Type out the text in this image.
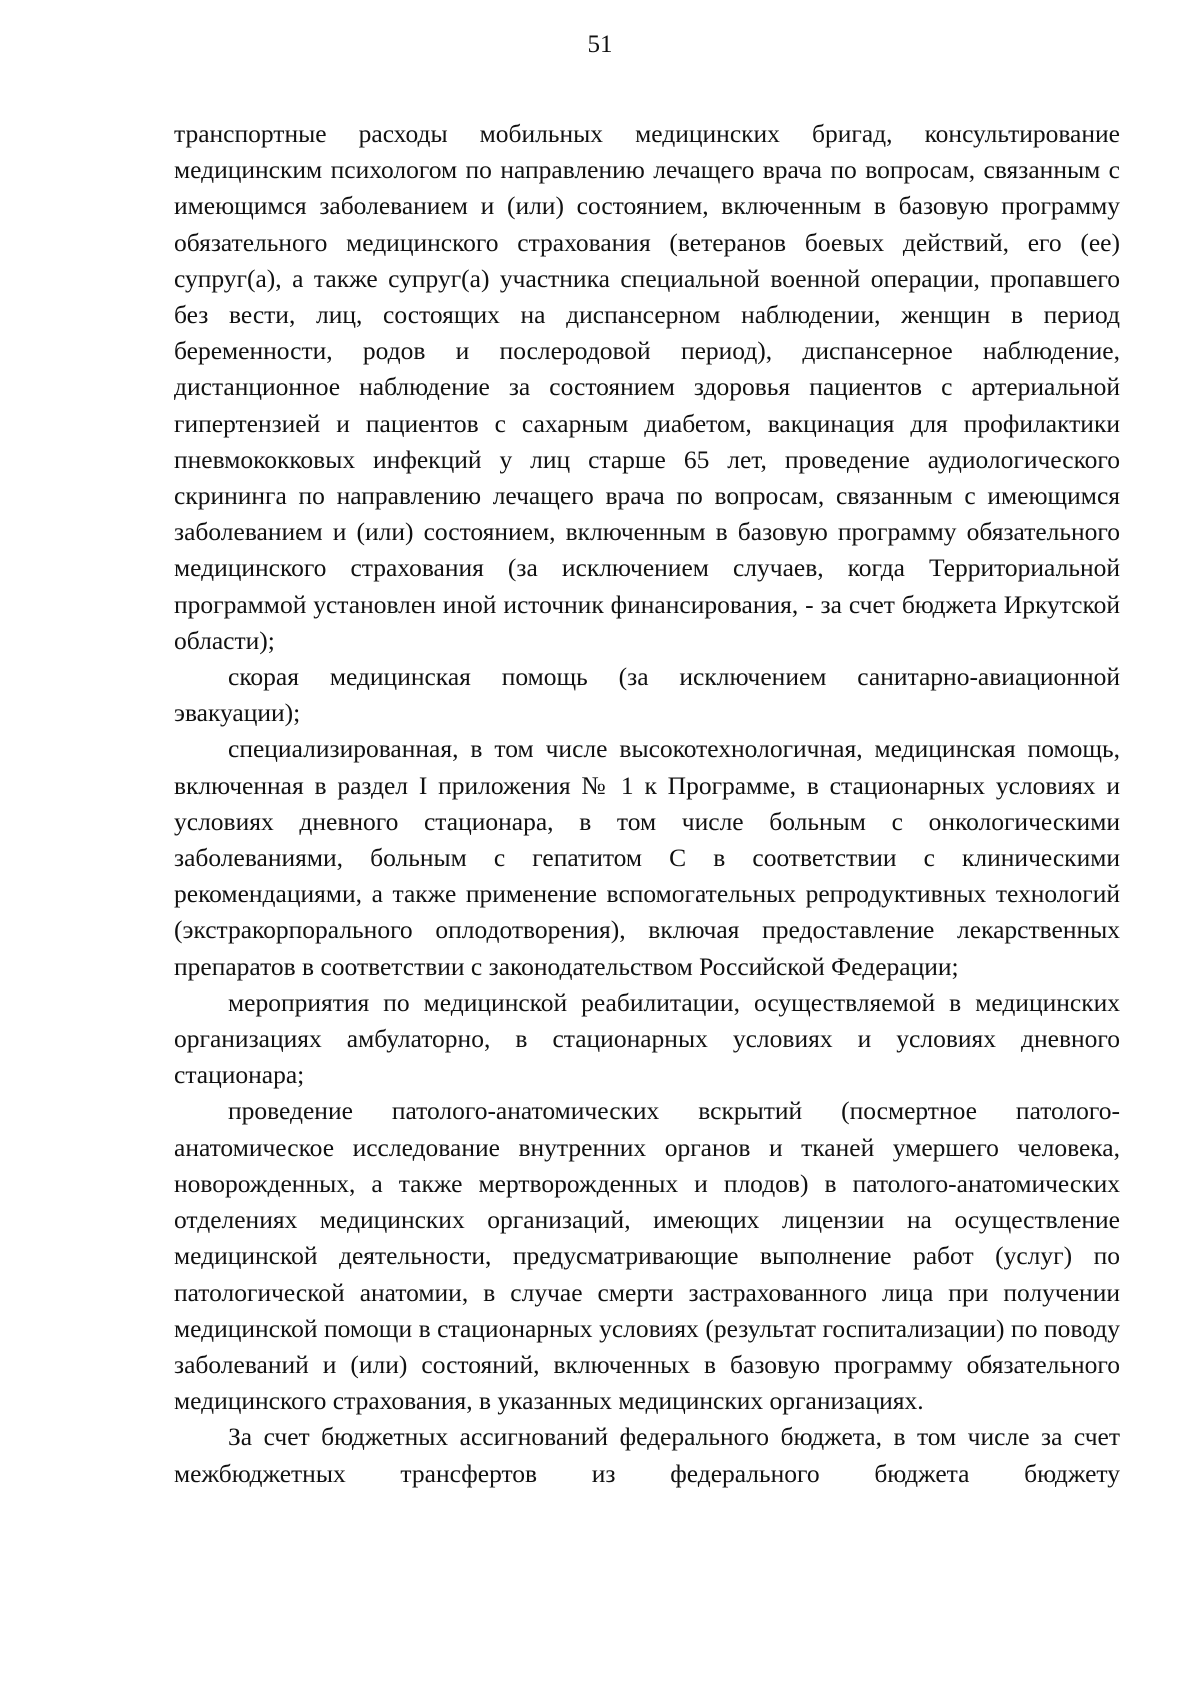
51

транспортные расходы мобильных медицинских бригад, консультирование медицинским психологом по направлению лечащего врача по вопросам, связанным с имеющимся заболеванием и (или) состоянием, включенным в базовую программу обязательного медицинского страхования (ветеранов боевых действий, его (ее) супруг(а), а также супруг(а) участника специальной военной операции, пропавшего без вести, лиц, состоящих на диспансерном наблюдении, женщин в период беременности, родов и послеродовой период), диспансерное наблюдение, дистанционное наблюдение за состоянием здоровья пациентов с артериальной гипертензией и пациентов с сахарным диабетом, вакцинация для профилактики пневмококковых инфекций у лиц старше 65 лет, проведение аудиологического скрининга по направлению лечащего врача по вопросам, связанным с имеющимся заболеванием и (или) состоянием, включенным в базовую программу обязательного медицинского страхования (за исключением случаев, когда Территориальной программой установлен иной источник финансирования, - за счет бюджета Иркутской области);

скорая медицинская помощь (за исключением санитарно-авиационной эвакуации);

специализированная, в том числе высокотехнологичная, медицинская помощь, включенная в раздел I приложения № 1 к Программе, в стационарных условиях и условиях дневного стационара, в том числе больным с онкологическими заболеваниями, больным с гепатитом С в соответствии с клиническими рекомендациями, а также применение вспомогательных репродуктивных технологий (экстракорпорального оплодотворения), включая предоставление лекарственных препаратов в соответствии с законодательством Российской Федерации;

мероприятия по медицинской реабилитации, осуществляемой в медицинских организациях амбулаторно, в стационарных условиях и условиях дневного стационара;

проведение патолого-анатомических вскрытий (посмертное патолого-анатомическое исследование внутренних органов и тканей умершего человека, новорожденных, а также мертворожденных и плодов) в патолого-анатомических отделениях медицинских организаций, имеющих лицензии на осуществление медицинской деятельности, предусматривающие выполнение работ (услуг) по патологической анатомии, в случае смерти застрахованного лица при получении медицинской помощи в стационарных условиях (результат госпитализации) по поводу заболеваний и (или) состояний, включенных в базовую программу обязательного медицинского страхования, в указанных медицинских организациях.

За счет бюджетных ассигнований федерального бюджета, в том числе за счет межбюджетных трансфертов из федерального бюджета бюджету
